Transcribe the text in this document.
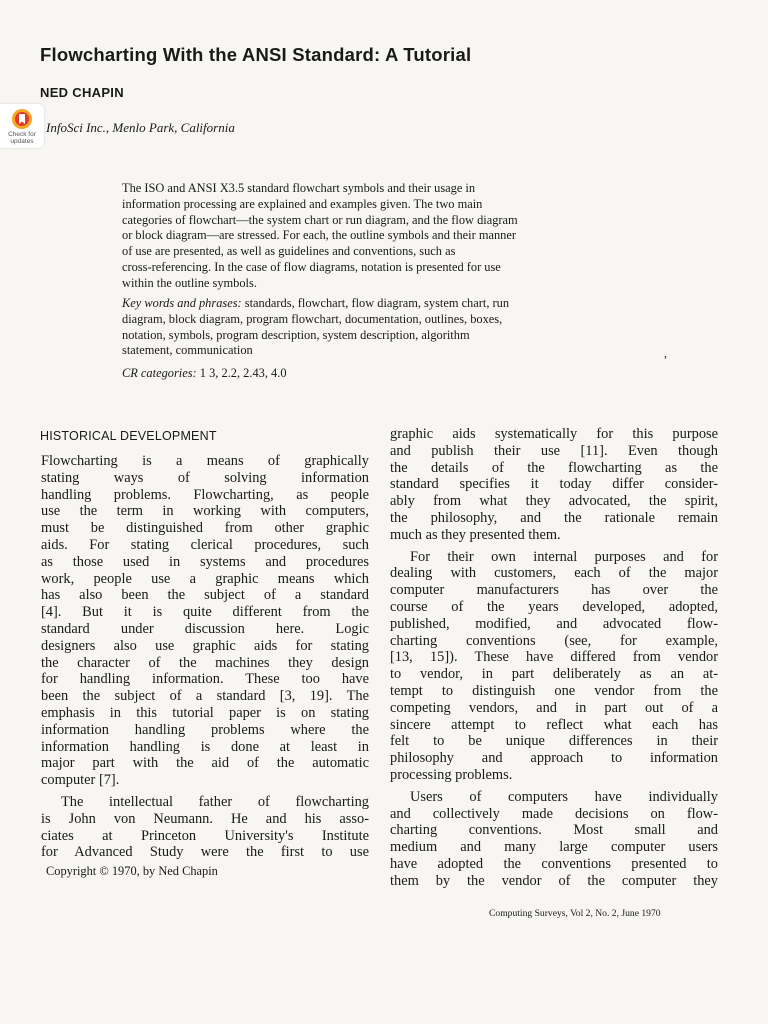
Flowcharting With the ANSI Standard: A Tutorial
NED CHAPIN
Check for
updates
InfoSci Inc., Menlo Park, California
The ISO and ANSI X3.5 standard flowchart symbols and their usage in
information processing are explained and examples given. The two main
categories of flowchart—the system chart or run diagram, and the flow diagram
or block diagram—are stressed. For each, the outline symbols and their manner
of use are presented, as well as guidelines and conventions, such as
cross-referencing. In the case of flow diagrams, notation is presented for use
within the outline symbols.
Key words and phrases: standards, flowchart, flow diagram, system chart, run
diagram, block diagram, program flowchart, documentation, outlines, boxes,
notation, symbols, program description, system description, algorithm
statement, communication	,
CR categories: 1 3, 2.2, 2.43, 4.0
HISTORICAL DEVELOPMENT
Flowcharting is a means of graphically
stating ways of solving information
handling problems. Flowcharting, as people
use the term in working with computers,
must be distinguished from other graphic
aids. For stating clerical procedures, such
as those used in systems and procedures
work, people use a graphic means which
has also been the subject of a standard
[4]. But it is quite different from the
standard under discussion here. Logic
designers also use graphic aids for stating
the character of the machines they design
for handling information. These too have
been the subject of a standard [3, 19]. The
emphasis in this tutorial paper is on stating
information handling problems where the
information handling is done at least in
major part with the aid of the automatic
computer [7].
The intellectual father of flowcharting
is John von Neumann. He and his asso-
ciates at Princeton University's Institute
for Advanced Study were the first to use
graphic aids systematically for this purpose
and publish their use [11]. Even though
the details of the flowcharting as the
standard specifies it today differ consider-
ably from what they advocated, the spirit,
the philosophy, and the rationale remain
much as they presented them.
For their own internal purposes and for
dealing with customers, each of the major
computer manufacturers has over the
course of the years developed, adopted,
published, modified, and advocated flow-
charting conventions (see, for example,
[13, 15]). These have differed from vendor
to vendor, in part deliberately as an at-
tempt to distinguish one vendor from the
competing vendors, and in part out of a
sincere attempt to reflect what each has
felt to be unique differences in their
philosophy and approach to information
processing problems.
Users of computers have individually
and collectively made decisions on flow-
charting conventions. Most small and
medium and many large computer users
have adopted the conventions presented to
them by the vendor of the computer they
Copyright © 1970, by Ned Chapin
Computing Surveys, Vol 2, No. 2, June 1970
